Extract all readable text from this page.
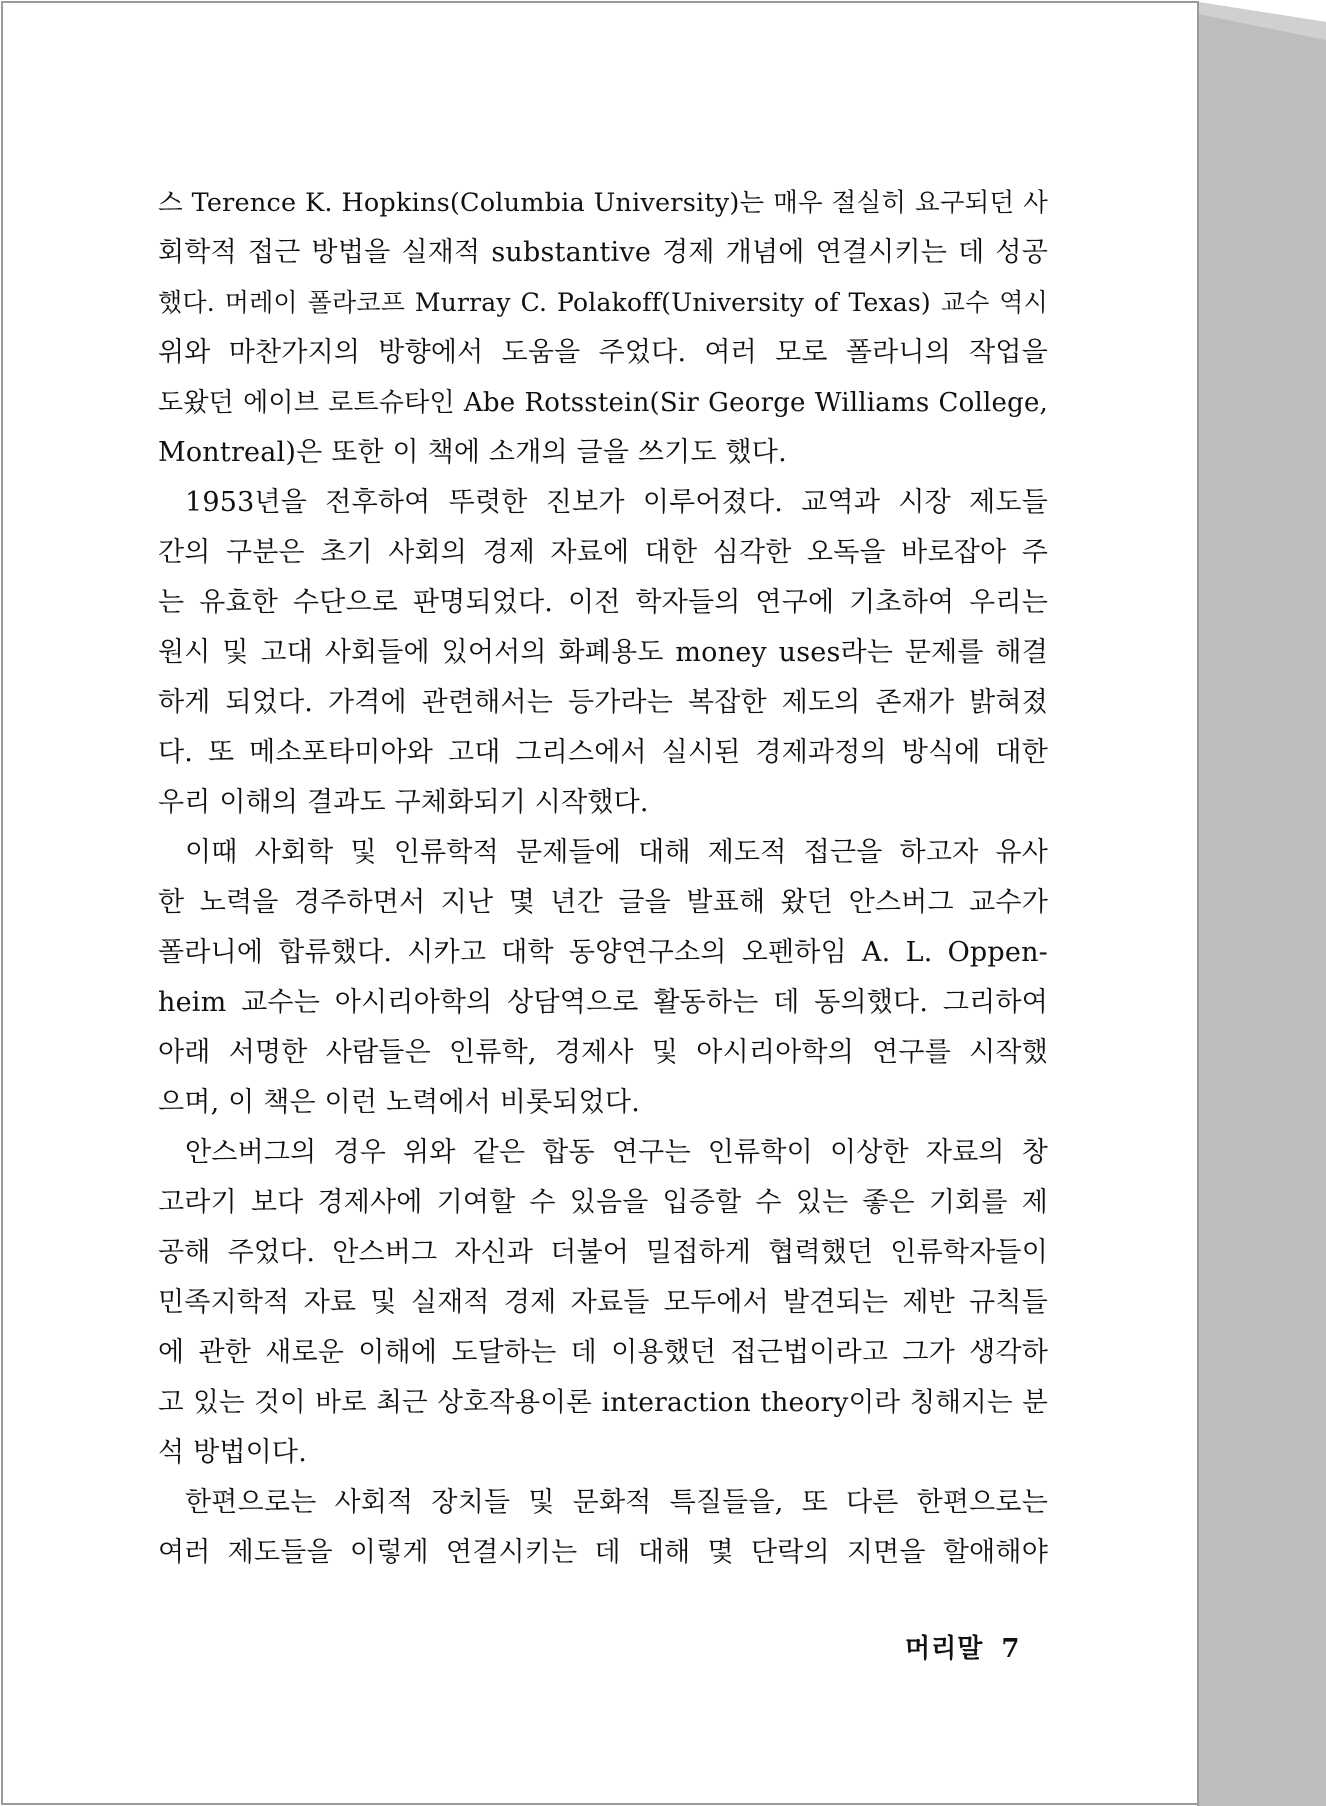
스 Terence K. Hopkins(Columbia University)는 매우 절실히 요구되던 사
회학적 접근 방법을 실재적 substantive 경제 개념에 연결시키는 데 성공
했다. 머레이 폴라코프 Murray C. Polakoff(University of Texas) 교수 역시
위와 마찬가지의 방향에서 도움을 주었다. 여러 모로 폴라니의 작업을
도왔던 에이브 로트슈타인 Abe Rotsstein(Sir George Williams College,
Montreal)은 또한 이 책에 소개의 글을 쓰기도 했다.
1953년을 전후하여 뚜렷한 진보가 이루어졌다. 교역과 시장 제도들
간의 구분은 초기 사회의 경제 자료에 대한 심각한 오독을 바로잡아 주
는 유효한 수단으로 판명되었다. 이전 학자들의 연구에 기초하여 우리는
원시 및 고대 사회들에 있어서의 화폐용도 money uses라는 문제를 해결
하게 되었다. 가격에 관련해서는 등가라는 복잡한 제도의 존재가 밝혀졌
다. 또 메소포타미아와 고대 그리스에서 실시된 경제과정의 방식에 대한
우리 이해의 결과도 구체화되기 시작했다.
이때 사회학 및 인류학적 문제들에 대해 제도적 접근을 하고자 유사
한 노력을 경주하면서 지난 몇 년간 글을 발표해 왔던 안스버그 교수가
폴라니에 합류했다. 시카고 대학 동양연구소의 오펜하임 A. L. Oppen-
heim 교수는 아시리아학의 상담역으로 활동하는 데 동의했다. 그리하여
아래 서명한 사람들은 인류학, 경제사 및 아시리아학의 연구를 시작했
으며, 이 책은 이런 노력에서 비롯되었다.
안스버그의 경우 위와 같은 합동 연구는 인류학이 이상한 자료의 창
고라기 보다 경제사에 기여할 수 있음을 입증할 수 있는 좋은 기회를 제
공해 주었다. 안스버그 자신과 더불어 밀접하게 협력했던 인류학자들이
민족지학적 자료 및 실재적 경제 자료들 모두에서 발견되는 제반 규칙들
에 관한 새로운 이해에 도달하는 데 이용했던 접근법이라고 그가 생각하
고 있는 것이 바로 최근 상호작용이론 interaction theory이라 칭해지는 분
석 방법이다.
한편으로는 사회적 장치들 및 문화적 특질들을, 또 다른 한편으로는
여러 제도들을 이렇게 연결시키는 데 대해 몇 단락의 지면을 할애해야
머리말 7
